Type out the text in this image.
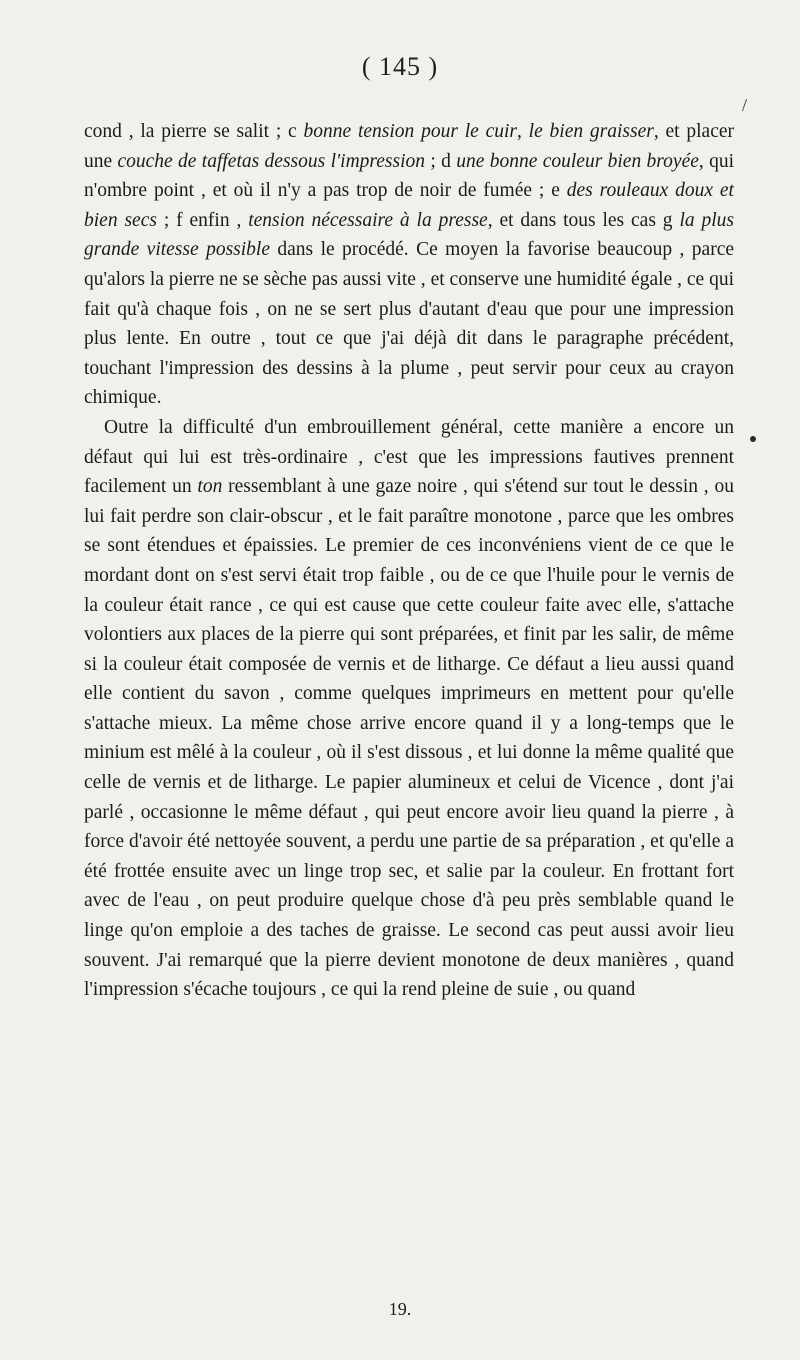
( 145 )
/

cond , la pierre se salit ; c bonne tension pour le cuir, le bien graisser, et placer une couche de taffetas dessous l'impression ; d une bonne couleur bien broyée, qui n'ombre point , et où il n'y a pas trop de noir de fumée ; e des rouleaux doux et bien secs ; f enfin , tension nécessaire à la presse, et dans tous les cas g la plus grande vitesse possible dans le procédé. Ce moyen la favorise beaucoup , parce qu'alors la pierre ne se sèche pas aussi vite , et conserve une humidité égale , ce qui fait qu'à chaque fois , on ne se sert plus d'autant d'eau que pour une impression plus lente. En outre , tout ce que j'ai déjà dit dans le paragraphe précédent, touchant l'impression des dessins à la plume , peut servir pour ceux au crayon chimique.

Outre la difficulté d'un embrouillement général, cette manière a encore un défaut qui lui est très-ordinaire , c'est que les impressions fautives prennent facilement un ton ressemblant à une gaze noire , qui s'étend sur tout le dessin , ou lui fait perdre son clair-obscur , et le fait paraître monotone , parce que les ombres se sont étendues et épaissies. Le premier de ces inconvéniens vient de ce que le mordant dont on s'est servi était trop faible , ou de ce que l'huile pour le vernis de la couleur était rance , ce qui est cause que cette couleur faite avec elle, s'attache volontiers aux places de la pierre qui sont préparées, et finit par les salir, de même si la couleur était composée de vernis et de litharge. Ce défaut a lieu aussi quand elle contient du savon , comme quelques imprimeurs en mettent pour qu'elle s'attache mieux. La même chose arrive encore quand il y a long-temps que le minium est mêlé à la couleur , où il s'est dissous , et lui donne la même qualité que celle de vernis et de litharge. Le papier alumineux et celui de Vicence , dont j'ai parlé , occasionne le même défaut , qui peut encore avoir lieu quand la pierre , à force d'avoir été nettoyée souvent, a perdu une partie de sa préparation , et qu'elle a été frottée ensuite avec un linge trop sec, et salie par la couleur. En frottant fort avec de l'eau , on peut produire quelque chose d'à peu près semblable quand le linge qu'on emploie a des taches de graisse. Le second cas peut aussi avoir lieu souvent. J'ai remarqué que la pierre devient monotone de deux manières , quand l'impression s'écache toujours , ce qui la rend pleine de suie , ou quand

19.
